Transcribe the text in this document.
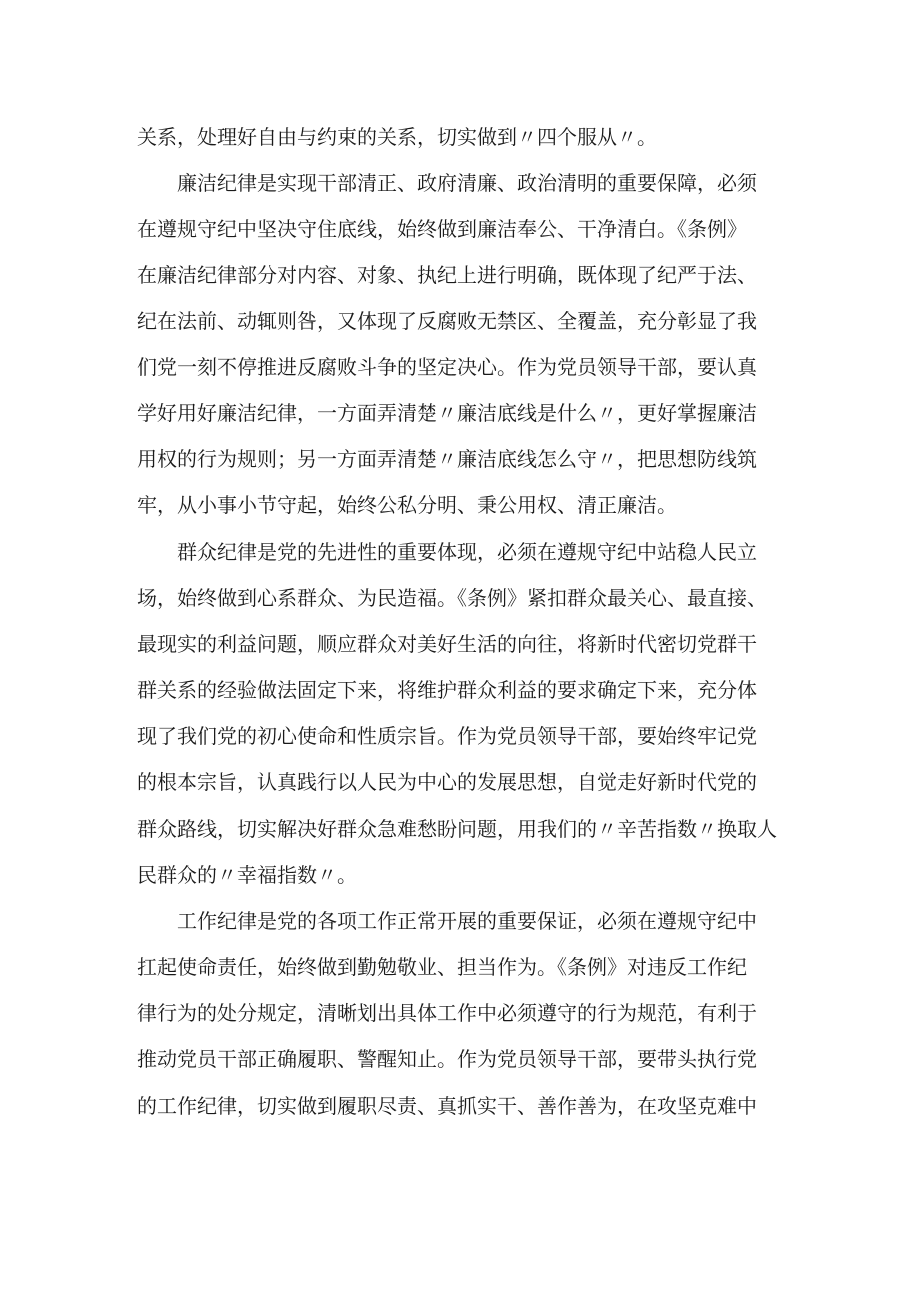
关系，处理好自由与约束的关系，切实做到〃四个服从〃。
廉洁纪律是实现干部清正、政府清廉、政治清明的重要保障，必须
在遵规守纪中坚决守住底线，始终做到廉洁奉公、干净清白。《条例》
在廉洁纪律部分对内容、对象、执纪上进行明确，既体现了纪严于法、
纪在法前、动辄则咎，又体现了反腐败无禁区、全覆盖，充分彰显了我
们党一刻不停推进反腐败斗争的坚定决心。作为党员领导干部，要认真
学好用好廉洁纪律，一方面弄清楚〃廉洁底线是什么〃，更好掌握廉洁
用权的行为规则；另一方面弄清楚〃廉洁底线怎么守〃，把思想防线筑
牢，从小事小节守起，始终公私分明、秉公用权、清正廉洁。
群众纪律是党的先进性的重要体现，必须在遵规守纪中站稳人民立
场，始终做到心系群众、为民造福。《条例》紧扣群众最关心、最直接、
最现实的利益问题，顺应群众对美好生活的向往，将新时代密切党群干
群关系的经验做法固定下来，将维护群众利益的要求确定下来，充分体
现了我们党的初心使命和性质宗旨。作为党员领导干部，要始终牢记党
的根本宗旨，认真践行以人民为中心的发展思想，自觉走好新时代党的
群众路线，切实解决好群众急难愁盼问题，用我们的〃辛苦指数〃换取人
民群众的〃幸福指数〃。
工作纪律是党的各项工作正常开展的重要保证，必须在遵规守纪中
扛起使命责任，始终做到勤勉敬业、担当作为。《条例》对违反工作纪
律行为的处分规定，清晰划出具体工作中必须遵守的行为规范，有利于
推动党员干部正确履职、警醒知止。作为党员领导干部，要带头执行党
的工作纪律，切实做到履职尽责、真抓实干、善作善为，在攻坚克难中
